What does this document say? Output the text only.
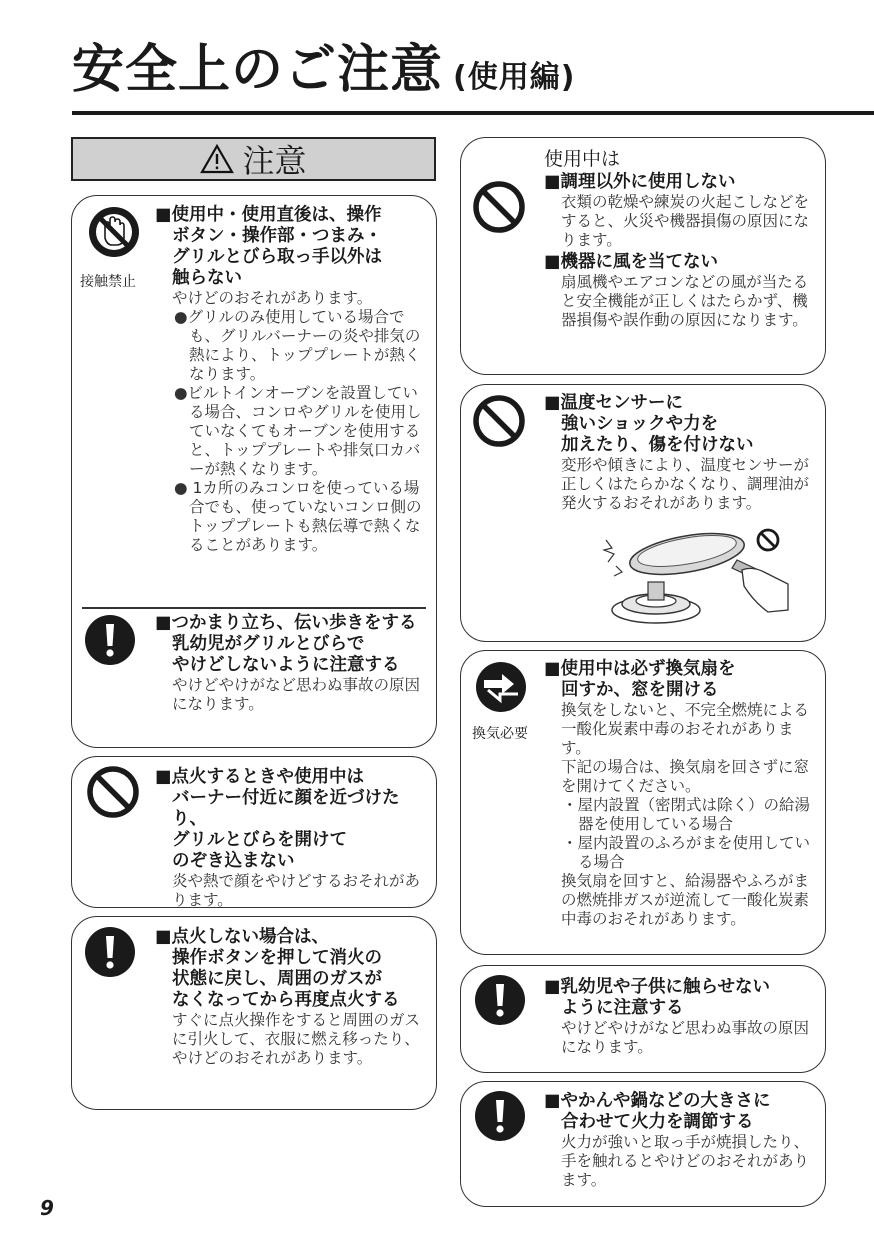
安全上のご注意 (使用編)
注意
接触禁止
■使用中・使用直後は、操作
ボタン・操作部・つまみ・
グリルとびら取っ手以外は
触らない
やけどのおそれがあります。
●グリルのみ使用している場合でも、グリルバーナーの炎や排気の熱により、トッププレートが熱くなります。
●ビルトインオーブンを設置している場合、コンロやグリルを使用していなくてもオーブンを使用すると、トッププレートや排気口カバーが熱くなります。
● 1カ所のみコンロを使っている場合でも、使っていないコンロ側のトッププレートも熱伝導で熱くなることがあります。
■つかまり立ち、伝い歩きをする
乳幼児がグリルとびらで
やけどしないように注意する
やけどやけがなど思わぬ事故の原因になります。
■点火するときや使用中は
バーナー付近に顔を近づけたり、
グリルとびらを開けて
のぞき込まない
炎や熱で顔をやけどするおそれがあります。
■点火しない場合は、
操作ボタンを押して消火の
状態に戻し、周囲のガスが
なくなってから再度点火する
すぐに点火操作をすると周囲のガスに引火して、衣服に燃え移ったり、やけどのおそれがあります。
使用中は
■調理以外に使用しない
衣類の乾燥や練炭の火起こしなどをすると、火災や機器損傷の原因になります。
■機器に風を当てない
扇風機やエアコンなどの風が当たると安全機能が正しくはたらかず、機器損傷や誤作動の原因になります。
■温度センサーに
強いショックや力を
加えたり、傷を付けない
変形や傾きにより、温度センサーが正しくはたらかなくなり、調理油が発火するおそれがあります。
換気必要
■使用中は必ず換気扇を
回すか、窓を開ける
換気をしないと、不完全燃焼による一酸化炭素中毒のおそれがあります。
下記の場合は、換気扇を回さずに窓を開けてください。
・屋内設置（密閉式は除く）の給湯器を使用している場合
・屋内設置のふろがまを使用している場合
換気扇を回すと、給湯器やふろがまの燃焼排ガスが逆流して一酸化炭素中毒のおそれがあります。
■乳幼児や子供に触らせない
ように注意する
やけどやけがなど思わぬ事故の原因になります。
■やかんや鍋などの大きさに
合わせて火力を調節する
火力が強いと取っ手が焼損したり、手を触れるとやけどのおそれがあります。
9
